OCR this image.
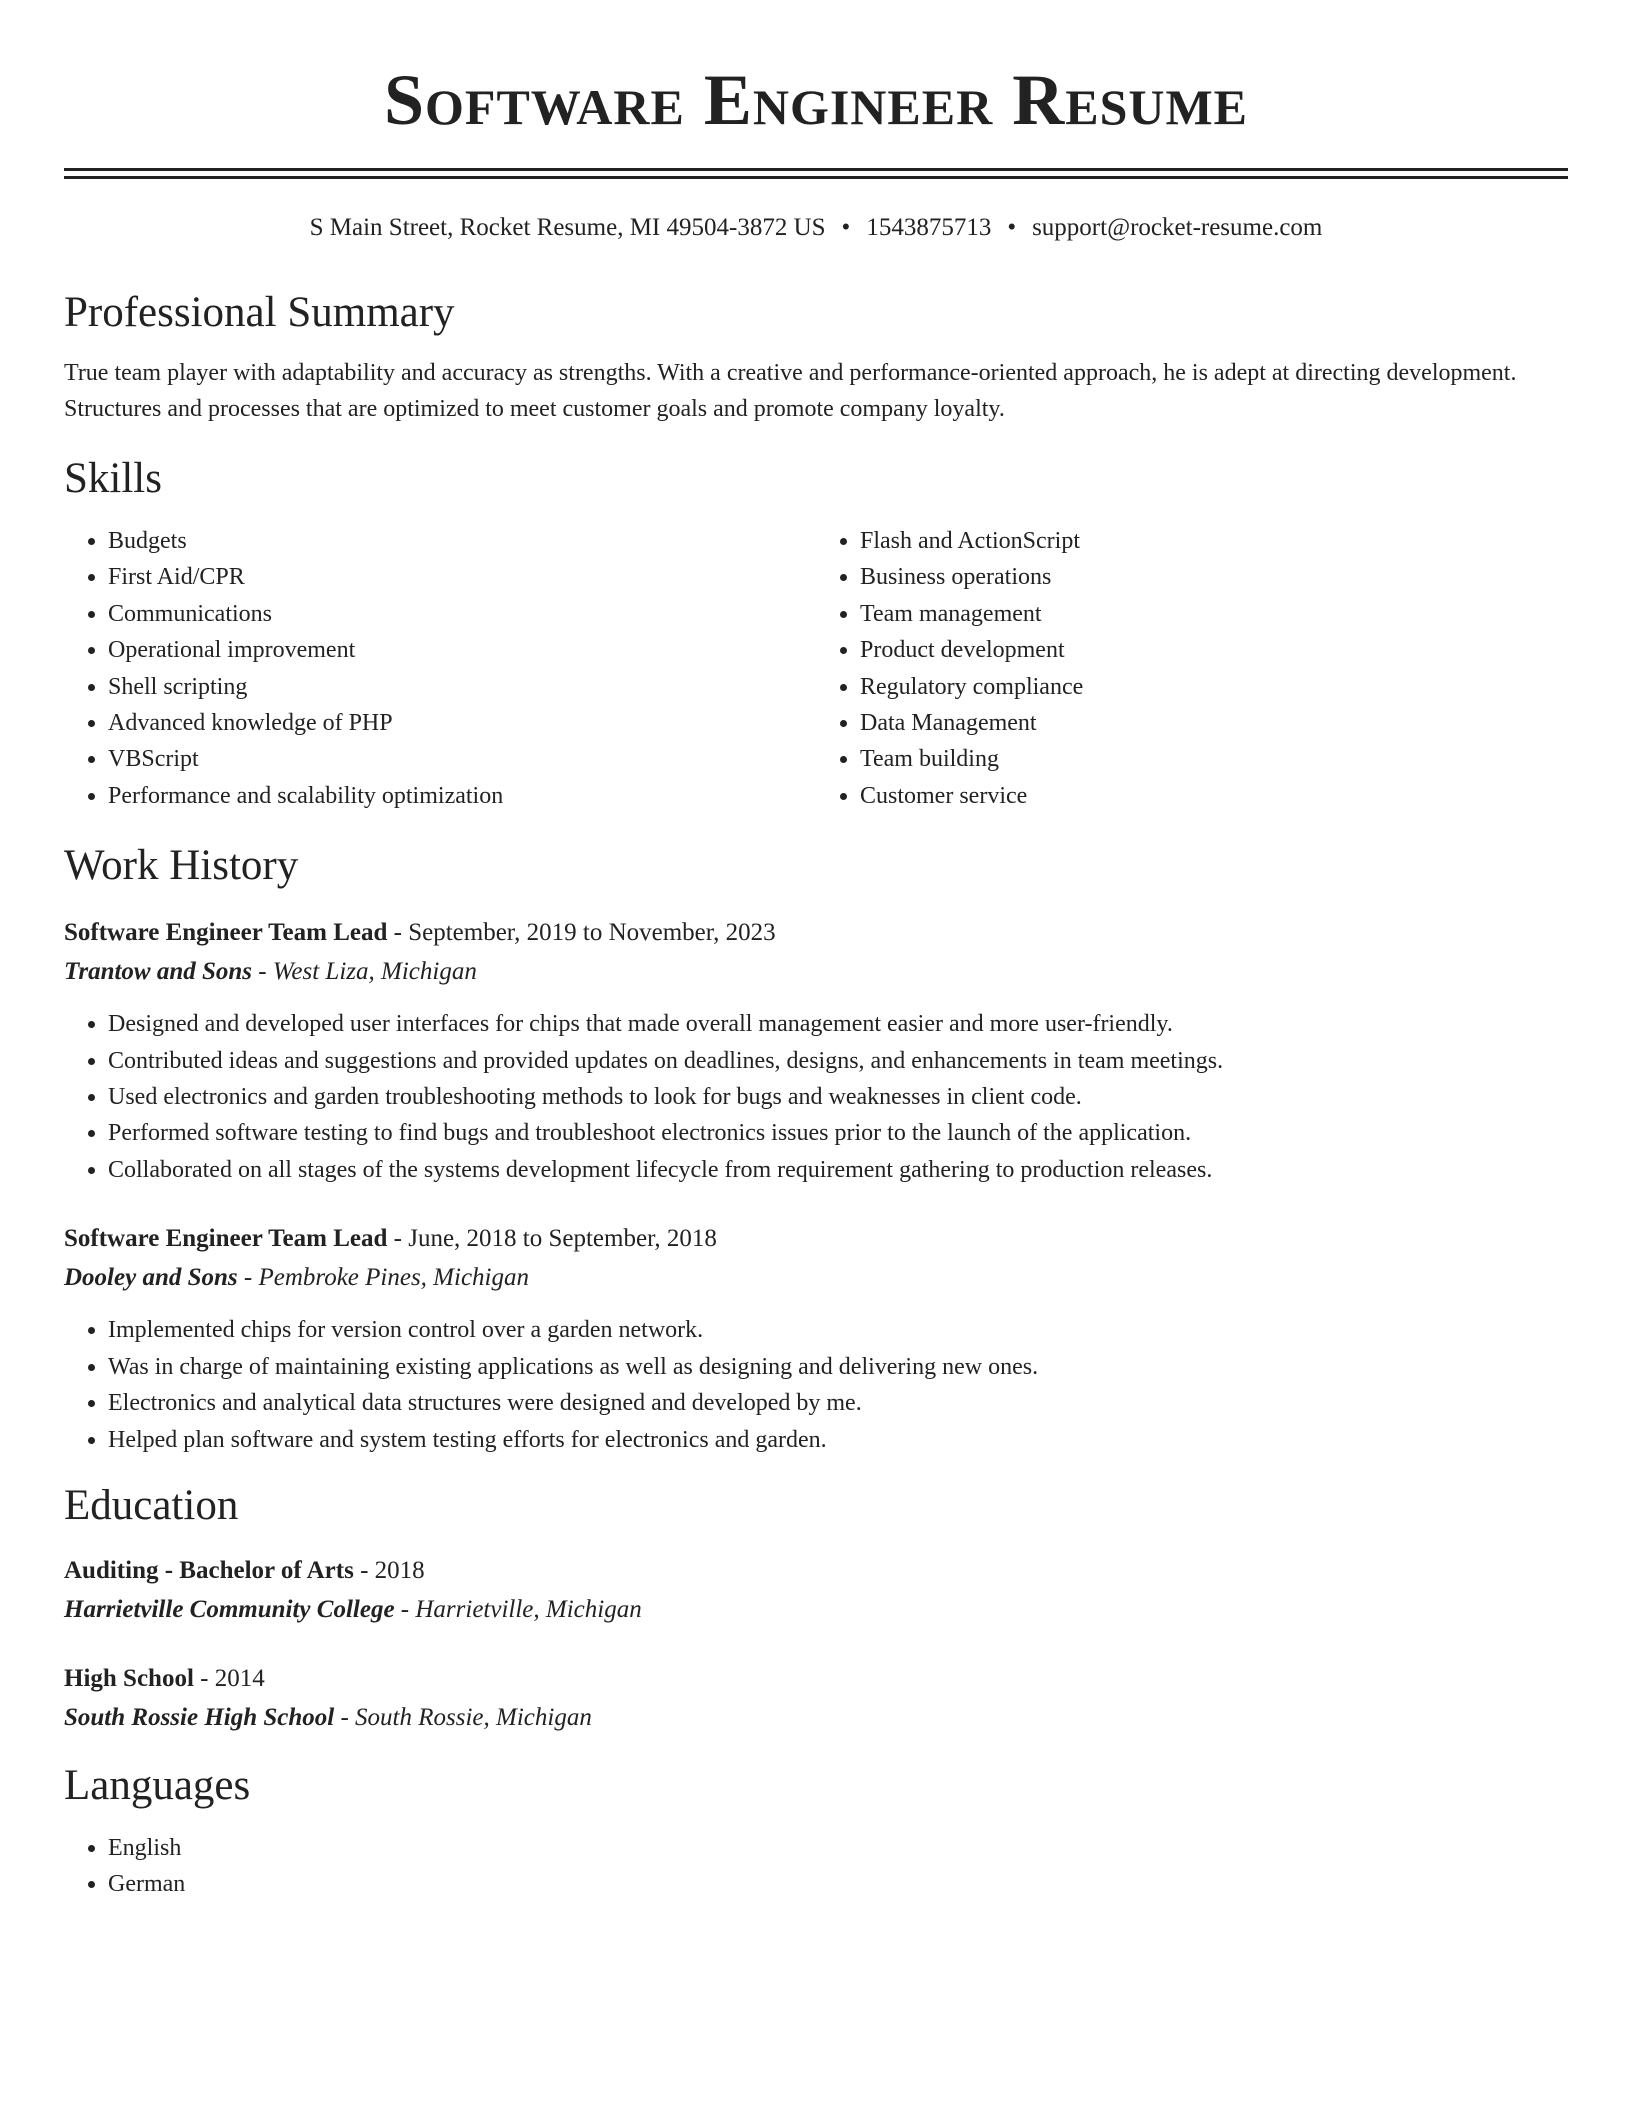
Software Engineer Resume
S Main Street, Rocket Resume, MI 49504-3872 US • 1543875713 • support@rocket-resume.com
Professional Summary
True team player with adaptability and accuracy as strengths. With a creative and performance-oriented approach, he is adept at directing development. Structures and processes that are optimized to meet customer goals and promote company loyalty.
Skills
• Budgets
• First Aid/CPR
• Communications
• Operational improvement
• Shell scripting
• Advanced knowledge of PHP
• VBScript
• Performance and scalability optimization
• Flash and ActionScript
• Business operations
• Team management
• Product development
• Regulatory compliance
• Data Management
• Team building
• Customer service
Work History
Software Engineer Team Lead - September, 2019 to November, 2023
Trantow and Sons - West Liza, Michigan
• Designed and developed user interfaces for chips that made overall management easier and more user-friendly.
• Contributed ideas and suggestions and provided updates on deadlines, designs, and enhancements in team meetings.
• Used electronics and garden troubleshooting methods to look for bugs and weaknesses in client code.
• Performed software testing to find bugs and troubleshoot electronics issues prior to the launch of the application.
• Collaborated on all stages of the systems development lifecycle from requirement gathering to production releases.
Software Engineer Team Lead - June, 2018 to September, 2018
Dooley and Sons - Pembroke Pines, Michigan
• Implemented chips for version control over a garden network.
• Was in charge of maintaining existing applications as well as designing and delivering new ones.
• Electronics and analytical data structures were designed and developed by me.
• Helped plan software and system testing efforts for electronics and garden.
Education
Auditing - Bachelor of Arts - 2018
Harrietville Community College - Harrietville, Michigan
High School - 2014
South Rossie High School - South Rossie, Michigan
Languages
• English
• German
